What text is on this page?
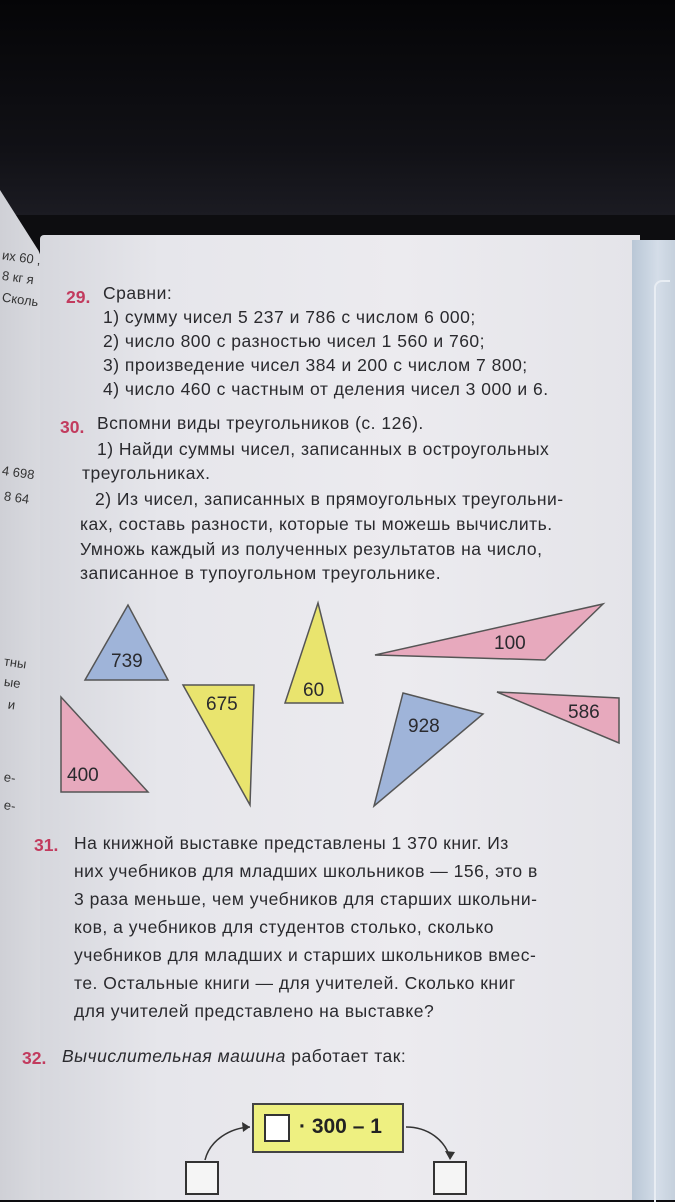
их 60 ,
8 кг я
Сколь
4 698
8 64
тны
ые
и
е-
е-
29. Сравни:
1) сумму чисел 5 237 и 786 с числом 6 000;
2) число 800 с разностью чисел 1 560 и 760;
3) произведение чисел 384 и 200 с числом 7 800;
4) число 460 с частным от деления чисел 3 000 и 6.
30. Вспомни виды треугольников (с. 126).
1) Найди суммы чисел, записанных в остроугольных
треугольниках.
2) Из чисел, записанных в прямоугольных треугольни-
ках, составь разности, которые ты можешь вычислить.
Умножь каждый из полученных результатов на число,
записанное в тупоугольном треугольнике.
739
60
100
675
400
928
586
31. На книжной выставке представлены 1 370 книг. Из
них учебников для младших школьников — 156, это в
3 раза меньше, чем учебников для старших школьни-
ков, а учебников для студентов столько, сколько
учебников для младших и старших школьников вмес-
те. Остальные книги — для учителей. Сколько книг
для учителей представлено на выставке?
32. Вычислительная машина работает так:
· 300 – 1
